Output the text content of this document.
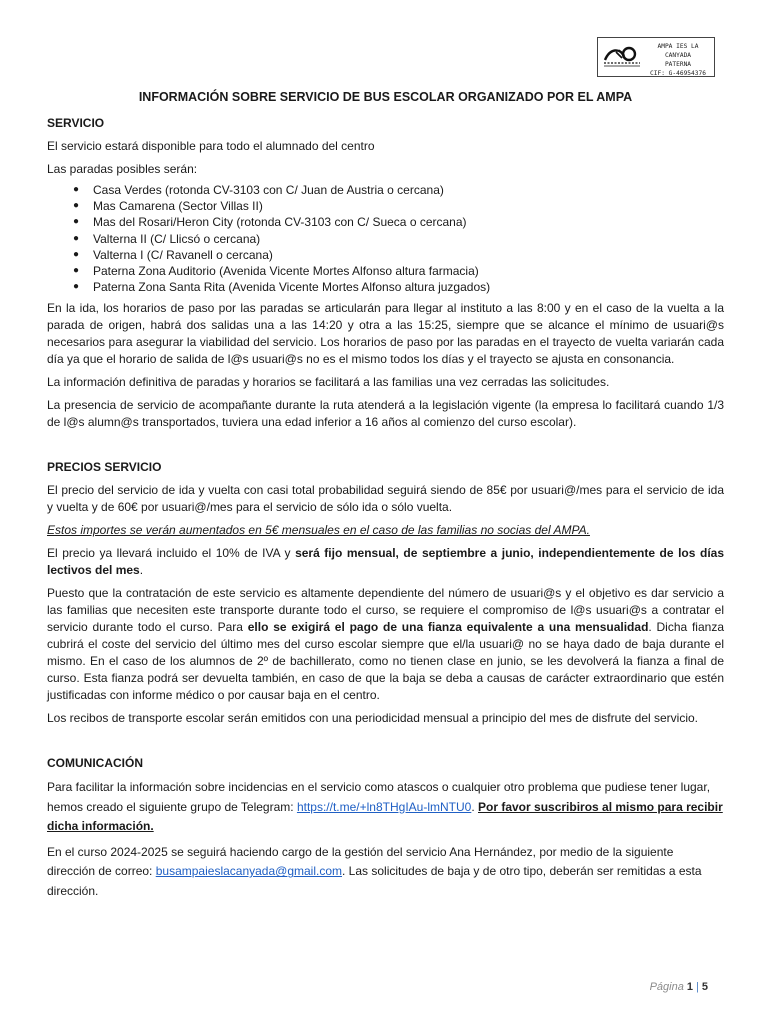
AMPA IES LA CANYADA
PATERNA
CIF: G-46954376
INFORMACIÓN SOBRE SERVICIO DE BUS ESCOLAR ORGANIZADO POR EL AMPA
SERVICIO

El servicio estará disponible para todo el alumnado del centro

Las paradas posibles serán:

● Casa Verdes (rotonda CV-3103 con C/ Juan de Austria o cercana)
● Mas Camarena (Sector Villas II)
● Mas del Rosari/Heron City (rotonda CV-3103 con C/ Sueca o cercana)
● Valterna II (C/ Llicsó o cercana)
● Valterna I (C/ Ravanell o cercana)
● Paterna Zona Auditorio (Avenida Vicente Mortes Alfonso altura farmacia)
● Paterna Zona Santa Rita (Avenida Vicente Mortes Alfonso altura juzgados)

En la ida, los horarios de paso por las paradas se articularán para llegar al instituto a las 8:00 y en el caso de la vuelta a la parada de origen, habrá dos salidas una a las 14:20 y otra a las 15:25, siempre que se alcance el mínimo de usuari@s necesarios para asegurar la viabilidad del servicio. Los horarios de paso por las paradas en el trayecto de vuelta variarán cada día ya que el horario de salida de l@s usuari@s no es el mismo todos los días y el trayecto se ajusta en consonancia.

La información definitiva de paradas y horarios se facilitará a las familias una vez cerradas las solicitudes.

La presencia de servicio de acompañante durante la ruta atenderá a la legislación vigente (la empresa lo facilitará cuando 1/3 de l@s alumn@s transportados, tuviera una edad inferior a 16 años al comienzo del curso escolar).

PRECIOS SERVICIO

El precio del servicio de ida y vuelta con casi total probabilidad seguirá siendo de 85€ por usuari@/mes para el servicio de ida y vuelta y de 60€ por usuari@/mes para el servicio de sólo ida o sólo vuelta.

Estos importes se verán aumentados en 5€ mensuales en el caso de las familias no socias del AMPA.

El precio ya llevará incluido el 10% de IVA y será fijo mensual, de septiembre a junio, independientemente de los días lectivos del mes.

Puesto que la contratación de este servicio es altamente dependiente del número de usuari@s y el objetivo es dar servicio a las familias que necesiten este transporte durante todo el curso, se requiere el compromiso de l@s usuari@s a contratar el servicio durante todo el curso. Para ello se exigirá el pago de una fianza equivalente a una mensualidad. Dicha fianza cubrirá el coste del servicio del último mes del curso escolar siempre que el/la usuari@ no se haya dado de baja durante el mismo. En el caso de los alumnos de 2º de bachillerato, como no tienen clase en junio, se les devolverá la fianza a final de curso. Esta fianza podrá ser devuelta también, en caso de que la baja se deba a causas de carácter extraordinario que estén justificadas con informe médico o por causar baja en el centro.

Los recibos de transporte escolar serán emitidos con una periodicidad mensual a principio del mes de disfrute del servicio.

COMUNICACIÓN

Para facilitar la información sobre incidencias en el servicio como atascos o cualquier otro problema que pudiese tener lugar, hemos creado el siguiente grupo de Telegram: https://t.me/+ln8THgIAu-lmNTU0. Por favor suscribiros al mismo para recibir dicha información.

En el curso 2024-2025 se seguirá haciendo cargo de la gestión del servicio Ana Hernández, por medio de la siguiente dirección de correo: busampaieslacanyada@gmail.com. Las solicitudes de baja y de otro tipo, deberán ser remitidas a esta dirección.

Página 1 | 5
